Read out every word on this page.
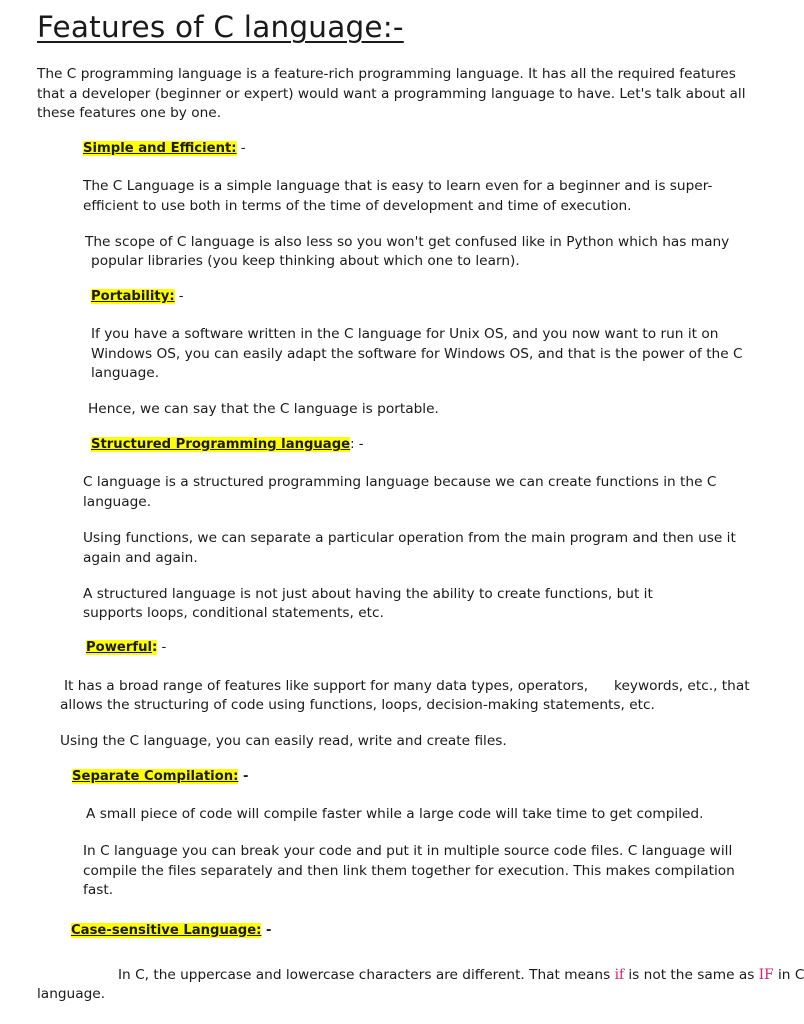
Features of C language:-

The C programming language is a feature-rich programming language. It has all the required features that a developer (beginner or expert) would want a programming language to have. Let's talk about all these features one by one.

Simple and Efficient: -

The C Language is a simple language that is easy to learn even for a beginner and is super-efficient to use both in terms of the time of development and time of execution.

The scope of C language is also less so you won't get confused like in Python which has many

popular libraries (you keep thinking about which one to learn).

Portability: -

If you have a software written in the C language for Unix OS, and you now want to run it on Windows OS, you can easily adapt the software for Windows OS, and that is the power of the C language.

Hence, we can say that the C language is portable.

Structured Programming language: -

C language is a structured programming language because we can create functions in the C language.

Using functions, we can separate a particular operation from the main program and then use it again and again.

A structured language is not just about having the ability to create functions, but it

supports loops, conditional statements, etc.

Powerful: -

It has a broad range of features like support for many data types, operators, keywords, etc., that

allows the structuring of code using functions, loops, decision-making statements, etc.

Using the C language, you can easily read, write and create files.

Separate Compilation: -

A small piece of code will compile faster while a large code will take time to get compiled.

In C language you can break your code and put it in multiple source code files. C language will compile the files separately and then link them together for execution. This makes compilation fast.

Case-sensitive Language: -

In C, the uppercase and lowercase characters are different. That means if is not the same as IF in C

language.
